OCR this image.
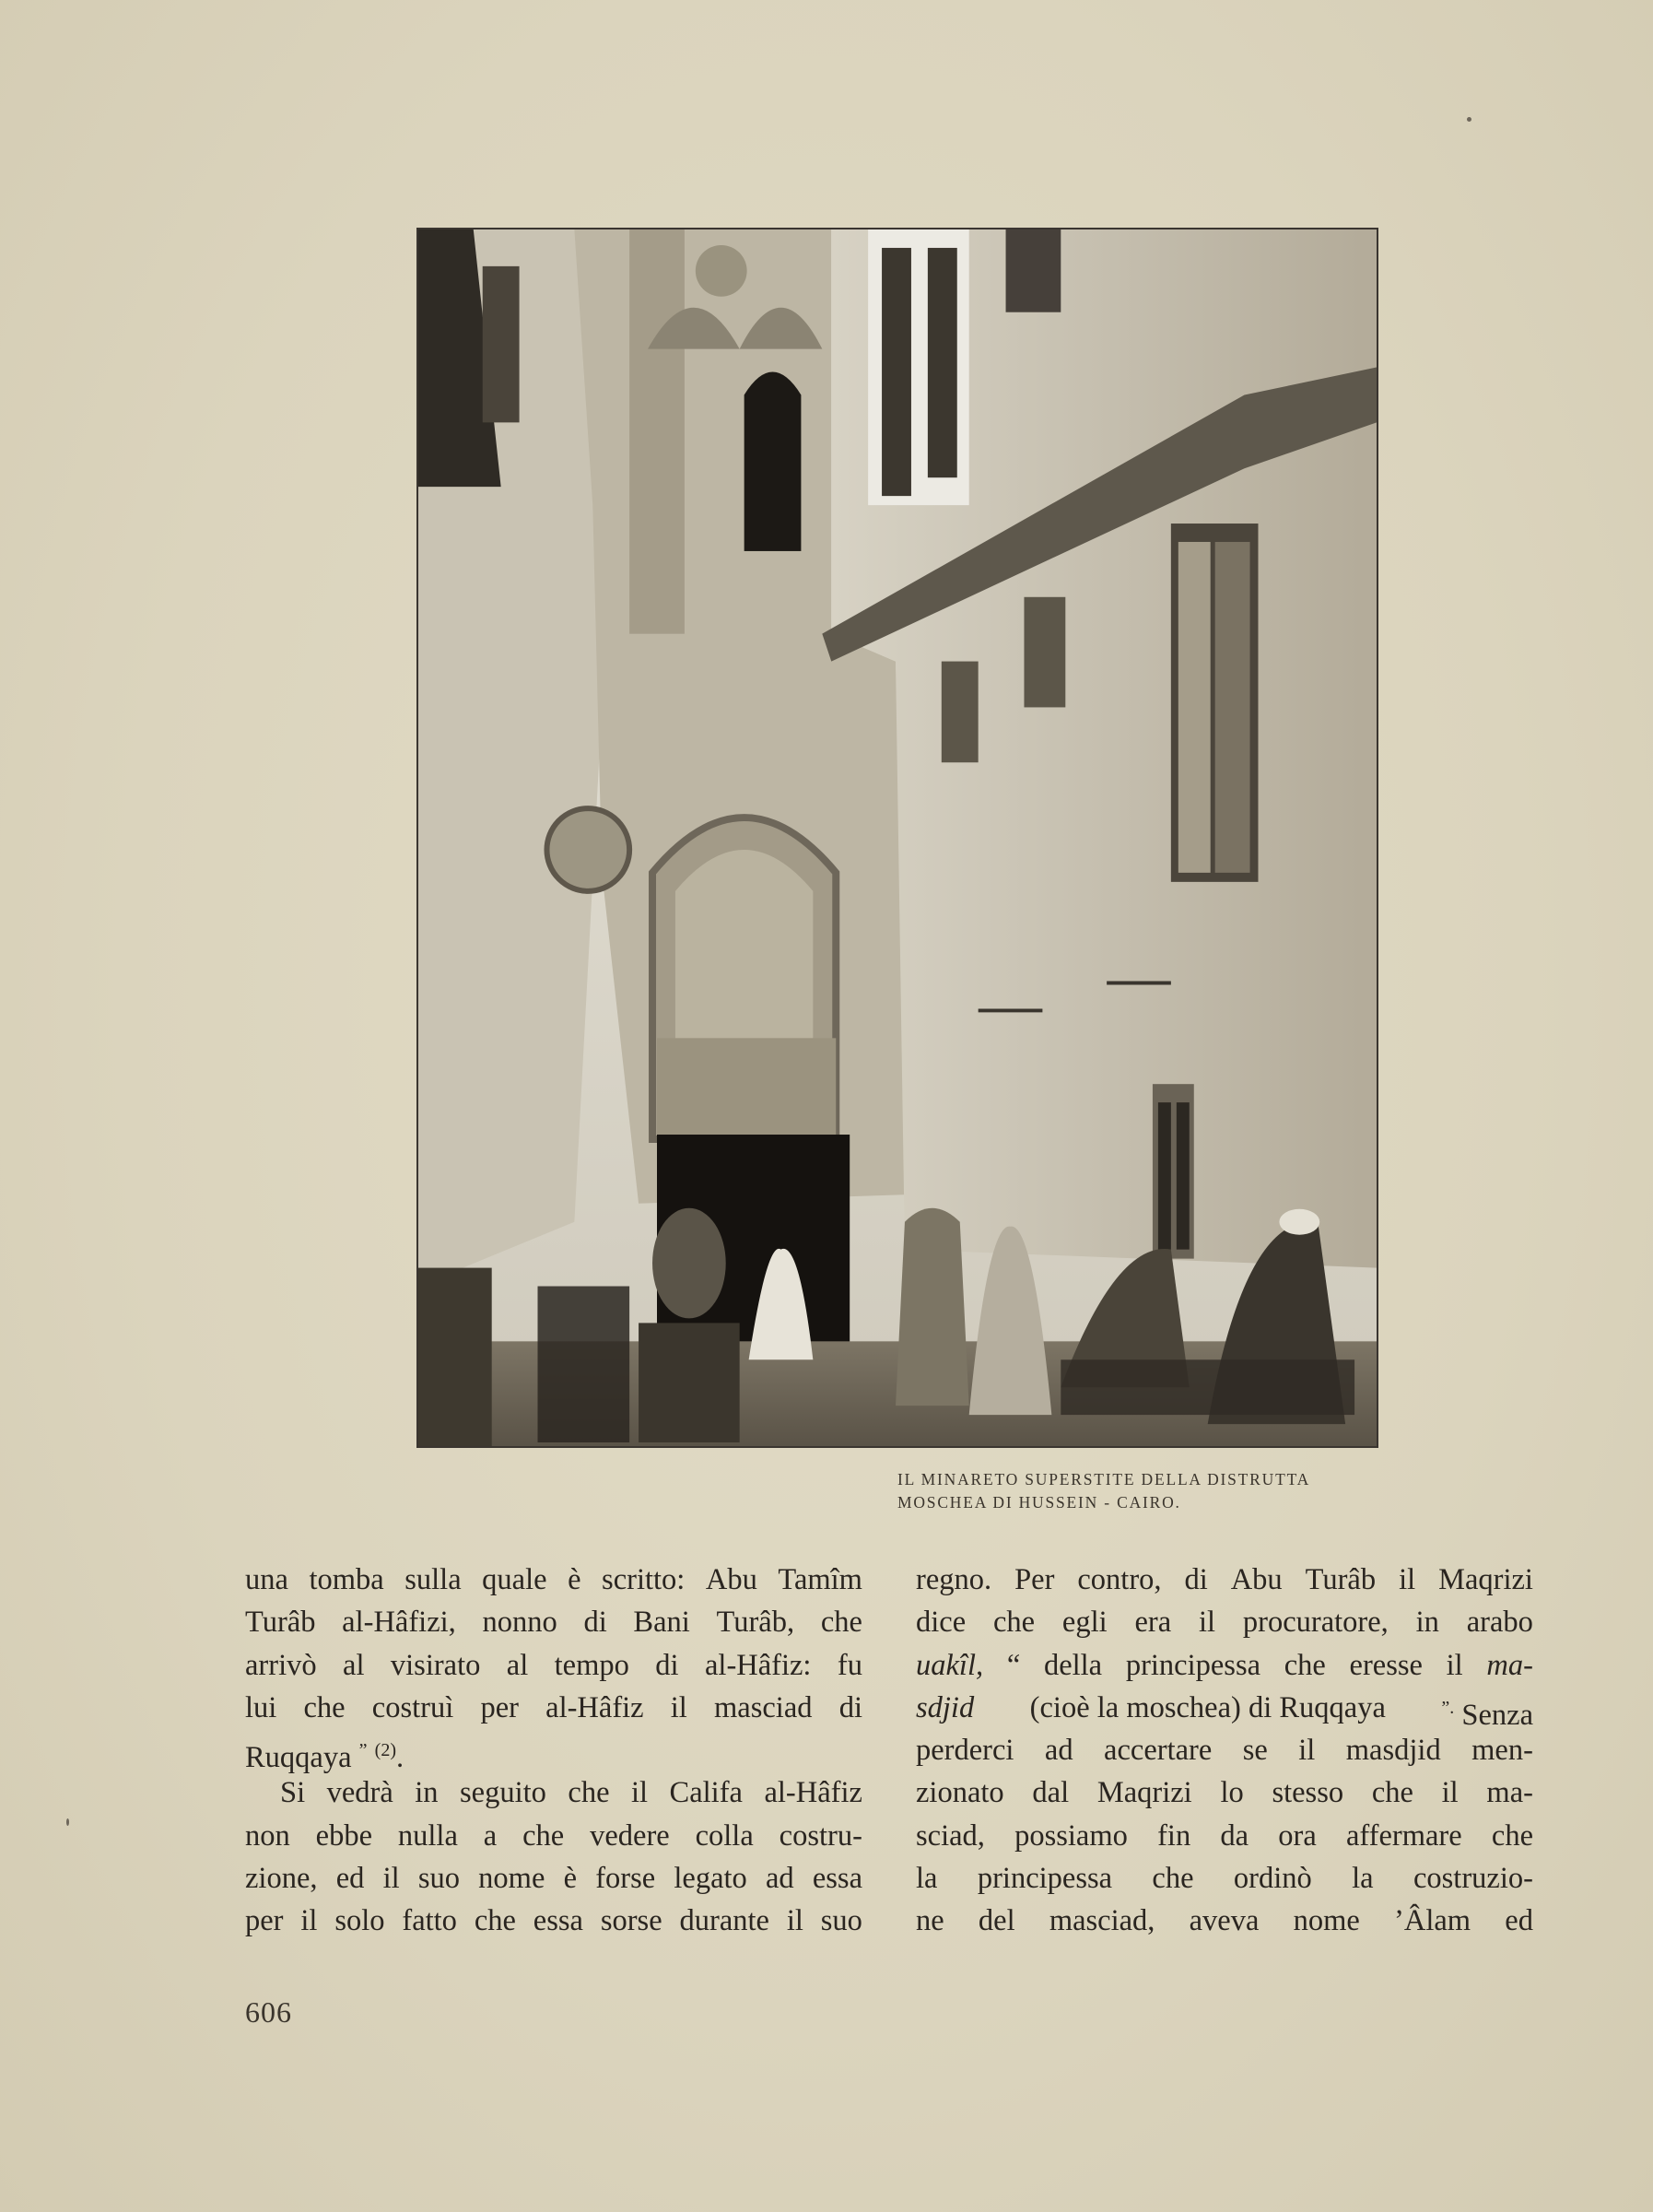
IL MINARETO SUPERSTITE DELLA DISTRUTTA
MOSCHEA DI HUSSEIN - CAIRO.
una tomba sulla quale è scritto: Abu Tamîm
Turâb al-Hâfizi, nonno di Bani Turâb, che
arrivò al visirato al tempo di al-Hâfiz: fu
lui che costruì per al-Hâfiz il masciad di
Ruqqaya ” $^{(2)}$.
Si vedrà in seguito che il Califa al-Hâfiz
non ebbe nulla a che vedere colla costru-
zione, ed il suo nome è forse legato ad essa
per il solo fatto che essa sorse durante il suo
regno. Per contro, di Abu Turâb il Maqrizi
dice che egli era il procuratore, in arabo
uakîl, “ della principessa che eresse il ma-
sdjid (cioè la moschea) di Ruqqaya	”. Senza
perderci ad accertare se il masdjid men-
zionato dal Maqrizi lo stesso che il ma-
sciad, possiamo fin da ora affermare che
la principessa che ordinò la costruzio-
ne del masciad, aveva nome ’Âlam ed
606
